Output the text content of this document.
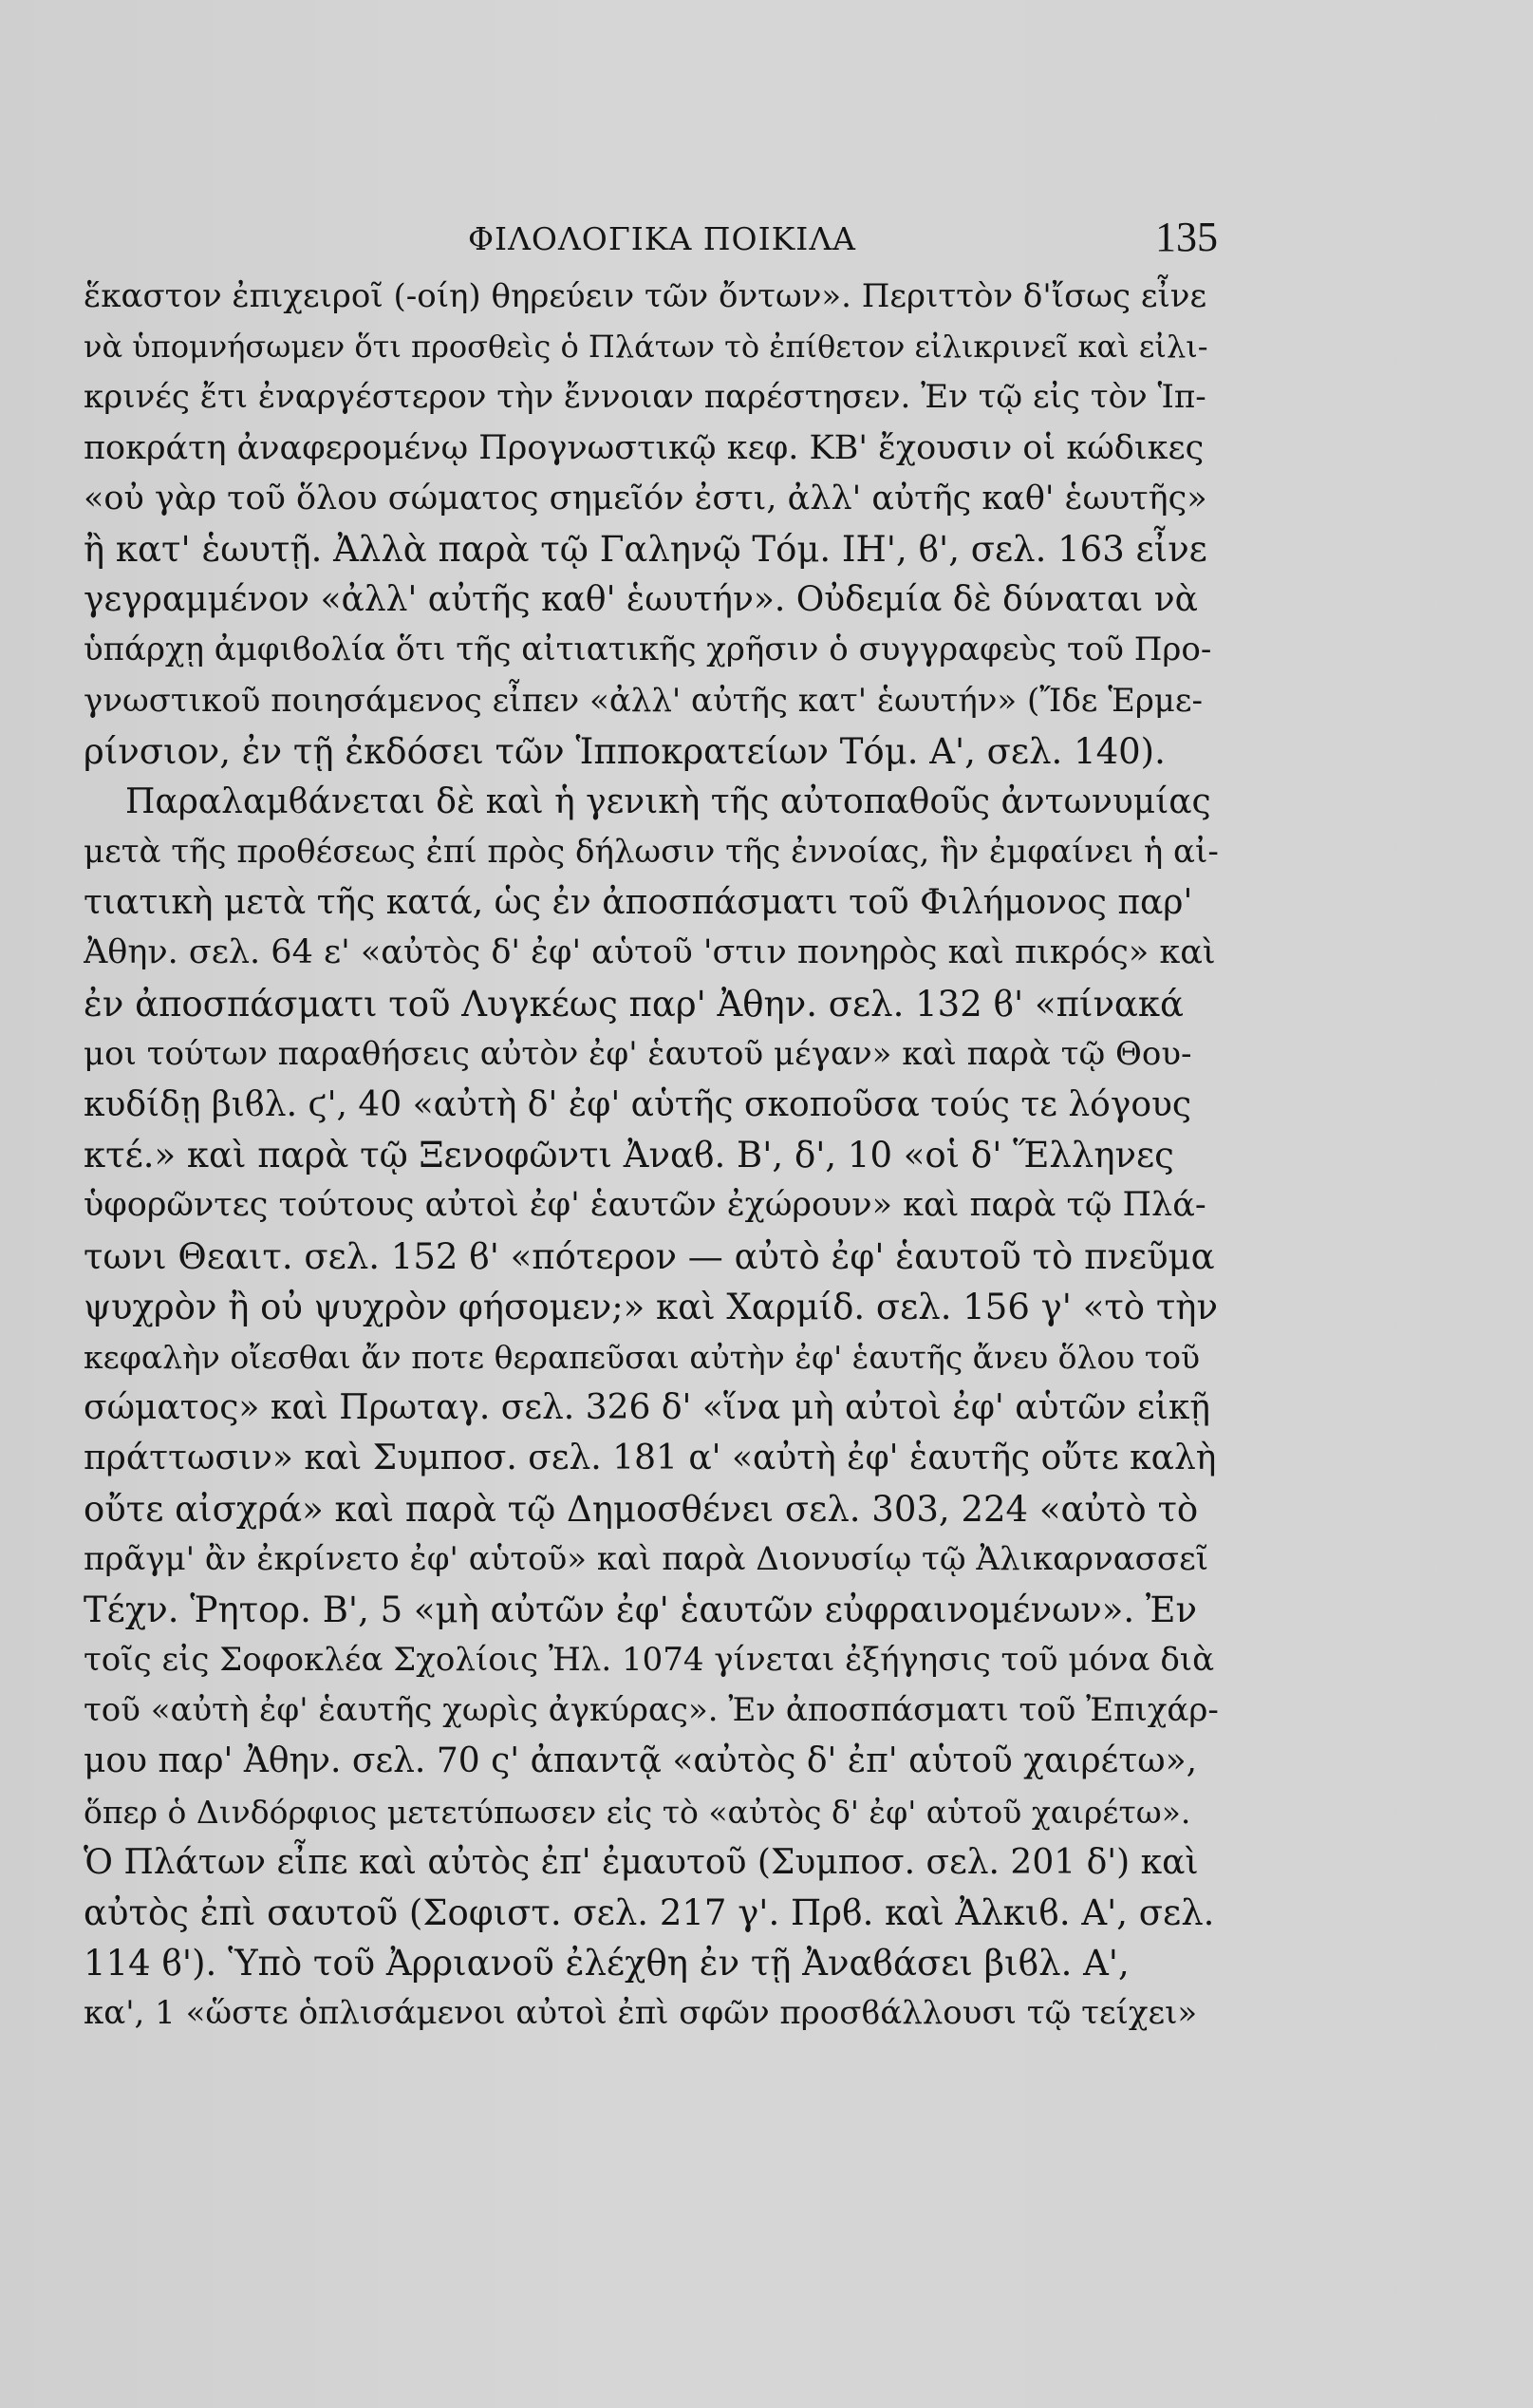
ΦΙΛΟΛΟΓΙΚΑ ΠΟΙΚΙΛΑ	135
ἕκαστον ἐπιχειροῖ (-οίη) θηρεύειν τῶν ὄντων». Περιττὸν δ'ἴσως εἶνε
νὰ ὑπομνήσωμεν ὅτι προσθεὶς ὁ Πλάτων τὸ ἐπίθετον εἰλικρινεῖ καὶ εἰλι-
κρινές ἔτι ἐναργέστερον τὴν ἔννοιαν παρέστησεν. Ἐν τῷ εἰς τὸν Ἱπ-
ποκράτη ἀναφερομένῳ Προγνωστικῷ κεφ. ΚΒ' ἔχουσιν οἱ κώδικες
«οὐ γὰρ τοῦ ὅλου σώματος σημεῖόν ἐστι, ἀλλ' αὐτῆς καθ' ἑωυτῆς»
ἢ κατ' ἑωυτῇ. Ἀλλὰ παρὰ τῷ Γαληνῷ Τόμ. ΙΗ', ϐ', σελ. 163 εἶνε
γεγραμμένον «ἀλλ' αὐτῆς καθ' ἑωυτήν». Οὐδεμία δὲ δύναται νὰ
ὑπάρχῃ ἀμφιϐολία ὅτι τῆς αἰτιατικῆς χρῆσιν ὁ συγγραφεὺς τοῦ Προ-
γνωστικοῦ ποιησάμενος εἶπεν «ἀλλ' αὐτῆς κατ' ἑωυτήν» (Ἴδε Ἑρμε-
ρίνσιον, ἐν τῇ ἐκδόσει τῶν Ἱπποκρατείων Τόμ. Α', σελ. 140).
Παραλαμϐάνεται δὲ καὶ ἡ γενικὴ τῆς αὐτοπαθοῦς ἀντωνυμίας
μετὰ τῆς προθέσεως ἐπί πρὸς δήλωσιν τῆς ἐννοίας, ἣν ἐμφαίνει ἡ αἰ-
τιατικὴ μετὰ τῆς κατά, ὡς ἐν ἀποσπάσματι τοῦ Φιλήμονος παρ'
Ἀθην. σελ. 64 ε' «αὐτὸς δ' ἐφ' αὑτοῦ 'στιν πονηρὸς καὶ πικρός» καὶ
ἐν ἀποσπάσματι τοῦ Λυγκέως παρ' Ἀθην. σελ. 132 ϐ' «πίνακά
μοι τούτων παραθήσεις αὐτὸν ἐφ' ἑαυτοῦ μέγαν» καὶ παρὰ τῷ Θου-
κυδίδῃ βιϐλ. ϛ', 40 «αὐτὴ δ' ἐφ' αὑτῆς σκοποῦσα τούς τε λόγους
κτέ.» καὶ παρὰ τῷ Ξενοφῶντι Ἀναϐ. Β', δ', 10 «οἱ δ' Ἕλληνες
ὑφορῶντες τούτους αὐτοὶ ἐφ' ἑαυτῶν ἐχώρουν» καὶ παρὰ τῷ Πλά-
τωνι Θεαιτ. σελ. 152 ϐ' «πότερον — αὐτὸ ἐφ' ἑαυτοῦ τὸ πνεῦμα
ψυχρὸν ἢ οὐ ψυχρὸν φήσομεν;» καὶ Χαρμίδ. σελ. 156 γ' «τὸ τὴν
κεφαλὴν οἴεσθαι ἄν ποτε θεραπεῦσαι αὐτὴν ἐφ' ἑαυτῆς ἄνευ ὅλου τοῦ
σώματος» καὶ Πρωταγ. σελ. 326 δ' «ἵνα μὴ αὐτοὶ ἐφ' αὑτῶν εἰκῇ
πράττωσιν» καὶ Συμποσ. σελ. 181 α' «αὐτὴ ἐφ' ἑαυτῆς οὔτε καλὴ
οὔτε αἰσχρά» καὶ παρὰ τῷ Δημοσθένει σελ. 303, 224 «αὐτὸ τὸ
πρᾶγμ' ἂν ἐκρίνετο ἐφ' αὑτοῦ» καὶ παρὰ Διονυσίῳ τῷ Ἀλικαρνασσεῖ
Τέχν. Ῥητορ. Β', 5 «μὴ αὐτῶν ἐφ' ἑαυτῶν εὐφραινομένων». Ἐν
τοῖς εἰς Σοφοκλέα Σχολίοις Ἠλ. 1074 γίνεται ἐξήγησις τοῦ μόνα διὰ
τοῦ «αὐτὴ ἐφ' ἑαυτῆς χωρὶς ἀγκύρας». Ἐν ἀποσπάσματι τοῦ Ἐπιχάρ-
μου παρ' Ἀθην. σελ. 70 ς' ἀπαντᾷ «αὐτὸς δ' ἐπ' αὑτοῦ χαιρέτω»,
ὅπερ ὁ Δινδόρφιος μετετύπωσεν εἰς τὸ «αὐτὸς δ' ἐφ' αὑτοῦ χαιρέτω».
Ὁ Πλάτων εἶπε καὶ αὐτὸς ἐπ' ἐμαυτοῦ (Συμποσ. σελ. 201 δ') καὶ
αὐτὸς ἐπὶ σαυτοῦ (Σοφιστ. σελ. 217 γ'. Πρϐ. καὶ Ἀλκιϐ. Α', σελ.
114 ϐ'). Ὑπὸ τοῦ Ἀρριανοῦ ἐλέχθη ἐν τῇ Ἀναϐάσει βιϐλ. Α',
κα', 1 «ὥστε ὁπλισάμενοι αὐτοὶ ἐπὶ σφῶν προσϐάλλουσι τῷ τείχει»
